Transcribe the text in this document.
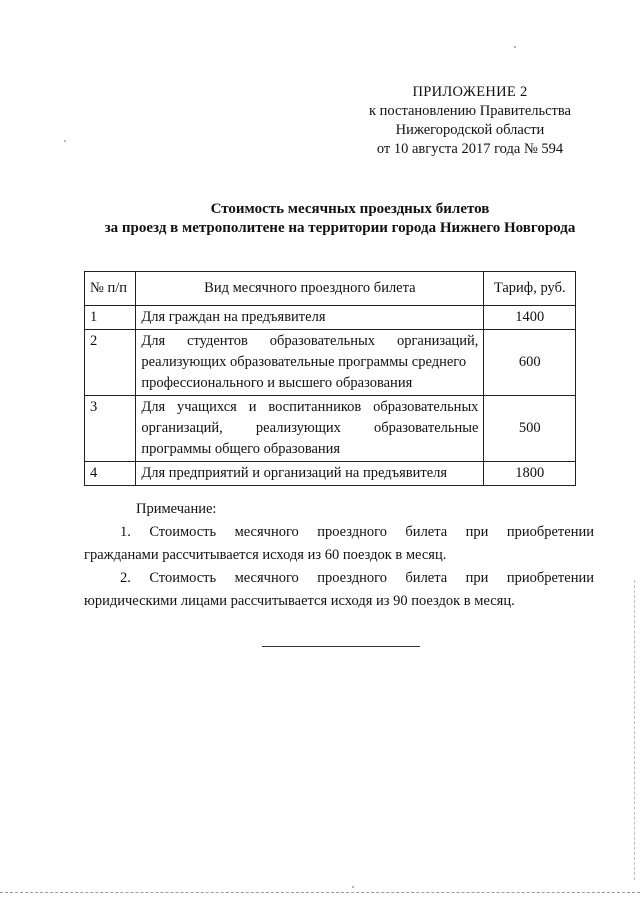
ПРИЛОЖЕНИЕ 2
к постановлению Правительства
Нижегородской области
от 10 августа 2017 года № 594
Стоимость месячных проездных билетов
за проезд в метрополитене на территории города Нижнего Новгорода
№ п/п	Вид месячного проездного билета	Тариф, руб.
1	Для граждан на предъявителя	1400
2	Для студентов образовательных организаций,
реализующих образовательные программы среднего
профессионального и высшего образования	600
3	Для учащихся и воспитанников образовательных
организаций, реализующих образовательные
программы общего образования	500
4	Для предприятий и организаций на предъявителя	1800
Примечание:
1. Стоимость месячного проездного билета при приобретении
гражданами рассчитывается исходя из 60 поездок в месяц.
2. Стоимость месячного проездного билета при приобретении
юридическими лицами рассчитывается исходя из 90 поездок в месяц.
